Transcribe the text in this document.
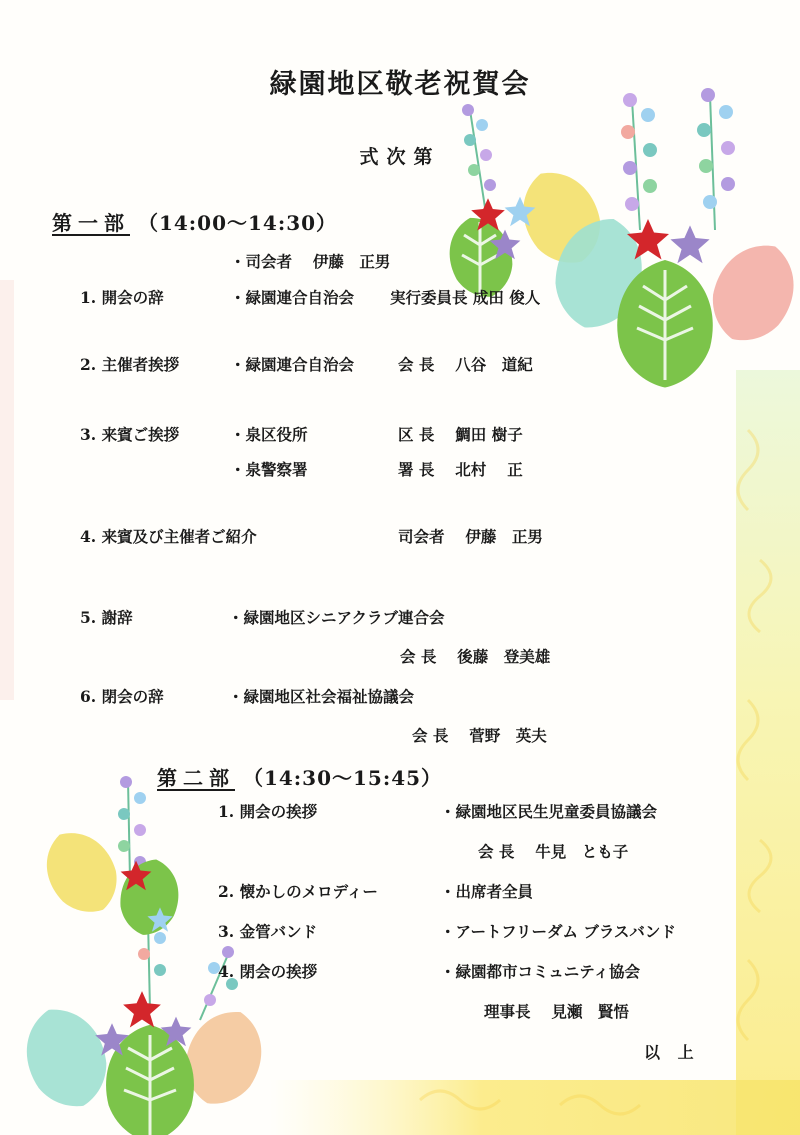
緑園地区敬老祝賀会
式次第
第一部 （14:00〜14:30）
・司会者　 伊藤　正男
1. 開会の辞	・緑園連合自治会 実行委員長 成田 俊人
2. 主催者挨拶	・緑園連合自治会	会 長　 八谷　道紀
3. 来賓ご挨拶	・泉区役所	区 長　 鯛田 樹子
・泉警察署	署 長　 北村　 正
4. 来賓及び主催者ご紹介	司会者　 伊藤　正男
5. 謝辞	・緑園地区シニアクラブ連合会
会 長　 後藤　登美雄
6. 閉会の辞	・緑園地区社会福祉協議会
会 長　 菅野　英夫
第二部 （14:30〜15:45）
1. 開会の挨拶	・緑園地区民生児童委員協議会
会 長　 牛見　とも子
2. 懐かしのメロディー	・出席者全員
3. 金管バンド	・アートフリーダム ブラスバンド
4. 閉会の挨拶	・緑園都市コミュニティ協会
理事長　 見瀬　賢悟
以 上
